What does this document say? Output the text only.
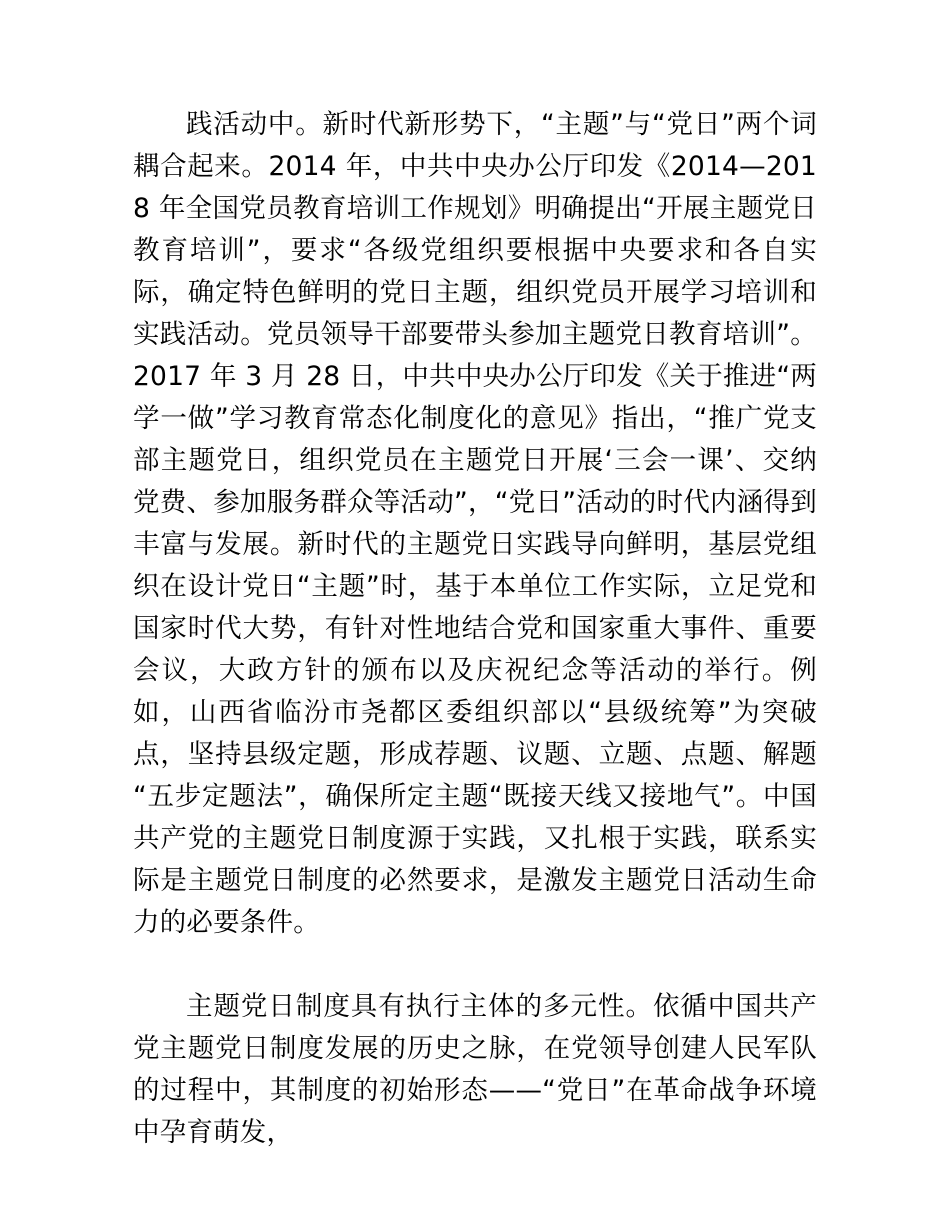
践活动中。新时代新形势下，“主题”与“党日”两个词耦合起来。2014 年，中共中央办公厅印发《2014—2018 年全国党员教育培训工作规划》明确提出“开展主题党日教育培训”，要求“各级党组织要根据中央要求和各自实际，确定特色鲜明的党日主题，组织党员开展学习培训和实践活动。党员领导干部要带头参加主题党日教育培训”。2017 年 3 月 28 日，中共中央办公厅印发《关于推进“两学一做”学习教育常态化制度化的意见》指出，“推广党支部主题党日，组织党员在主题党日开展‘三会一课’、交纳党费、参加服务群众等活动”，“党日”活动的时代内涵得到丰富与发展。新时代的主题党日实践导向鲜明，基层党组织在设计党日“主题”时，基于本单位工作实际，立足党和国家时代大势，有针对性地结合党和国家重大事件、重要会议，大政方针的颁布以及庆祝纪念等活动的举行。例如，山西省临汾市尧都区委组织部以“县级统筹”为突破点，坚持县级定题，形成荐题、议题、立题、点题、解题“五步定题法”，确保所定主题“既接天线又接地气”。中国共产党的主题党日制度源于实践，又扎根于实践，联系实际是主题党日制度的必然要求，是激发主题党日活动生命力的必要条件。

主题党日制度具有执行主体的多元性。依循中国共产党主题党日制度发展的历史之脉，在党领导创建人民军队的过程中，其制度的初始形态——“党日”在革命战争环境中孕育萌发，
